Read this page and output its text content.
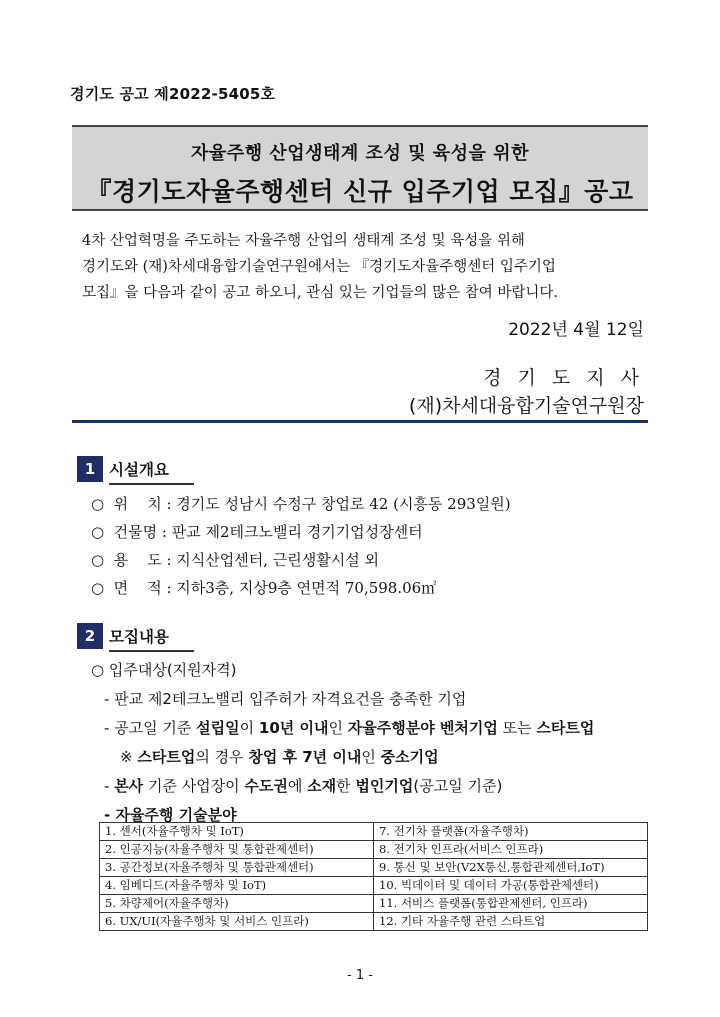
경기도 공고 제2022-5405호
자율주행 산업생태계 조성 및 육성을 위한
『경기도자율주행센터 신규 입주기업 모집』공고
4차 산업혁명을 주도하는 자율주행 산업의 생태계 조성 및 육성을 위해
경기도와 (재)차세대융합기술연구원에서는 『경기도자율주행센터 입주기업
모집』을 다음과 같이 공고 하오니, 관심 있는 기업들의 많은 참여 바랍니다.
2022년 4월 12일
경 기 도 지 사
(재)차세대융합기술연구원장
1 시설개요
○ 위    치 : 경기도 성남시 수정구 창업로 42 (시흥동 293일원)
○ 건물명 : 판교 제2테크노밸리 경기기업성장센터
○ 용    도 : 지식산업센터, 근린생활시설 외
○ 면    적 : 지하3층, 지상9층 연면적 70,598.06㎡
2 모집내용
○ 입주대상(지원자격)
- 판교 제2테크노밸리 입주허가 자격요건을 충족한 기업
- 공고일 기준 설립일이 10년 이내인 자율주행분야 벤처기업 또는 스타트업
※ 스타트업의 경우 창업 후 7년 이내인 중소기업
- 본사 기준 사업장이 수도권에 소재한 법인기업(공고일 기준)
- 자율주행 기술분야
1. 센서(자율주행차 및 IoT)	7. 전기차 플랫폼(자율주행차)
2. 인공지능(자율주행차 및 통합관제센터)	8. 전기차 인프라(서비스 인프라)
3. 공간정보(자율주행차 및 통합관제센터)	9. 통신 및 보안(V2X통신,통합관제센터,IoT)
4. 임베디드(자율주행차 및 IoT)	10. 빅데이터 및 데이터 가공(통합관제센터)
5. 차량제어(자율주행차)	11. 서비스 플랫폼(통합관제센터, 인프라)
6. UX/UI(자율주행차 및 서비스 인프라)	12. 기타 자율주행 관련 스타트업
- 1 -
